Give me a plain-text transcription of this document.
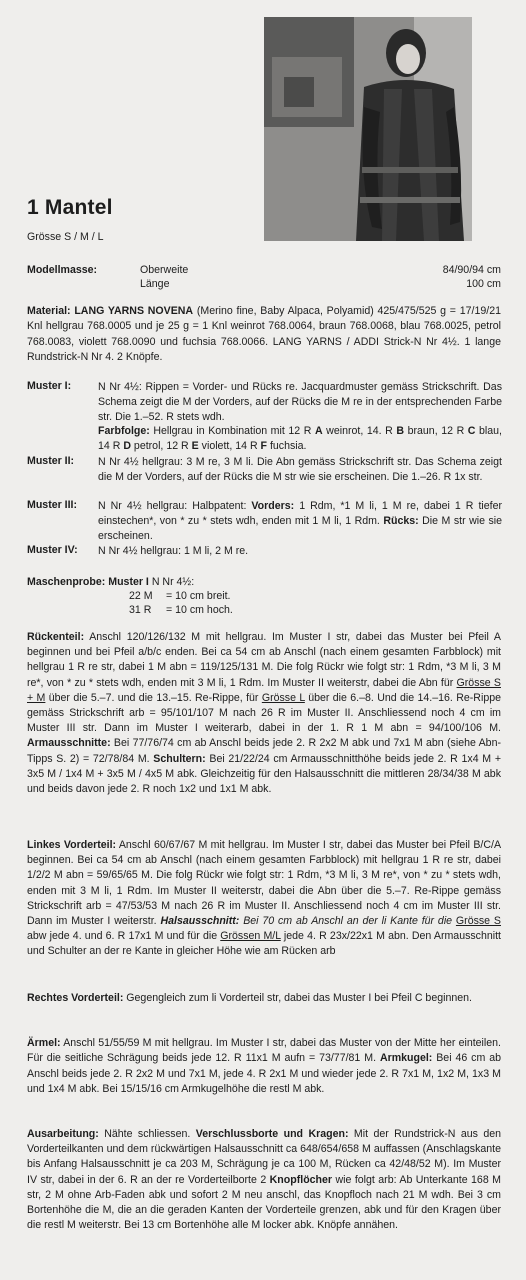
1 Mantel
Grösse S / M / L
Modellmasse:	Oberweite	84/90/94 cm
Länge	100 cm
Material: LANG YARNS NOVENA (Merino fine, Baby Alpaca, Polyamid) 425/475/525 g = 17/19/21 Knl hellgrau 768.0005 und je 25 g = 1 Knl weinrot 768.0064, braun 768.0068, blau 768.0025, petrol 768.0083, violett 768.0090 und fuchsia 768.0066. LANG YARNS / ADDI Strick-N Nr 4½. 1 lange Rundstrick-N Nr 4. 2 Knöpfe.
Muster I:	N Nr 4½: Rippen = Vorder- und Rücks re. Jacquardmuster gemäss Strickschrift. Das Schema zeigt die M der Vorders, auf der Rücks die M re in der entsprechenden Farbe str. Die 1.–52. R stets wdh.

Farbfolge: Hellgrau in Kombination mit 12 R A weinrot, 14. R B braun, 12 R C blau, 14 R D petrol, 12 R E violett, 14 R F fuchsia.

Muster II: N Nr 4½ hellgrau: 3 M re, 3 M li. Die Abn gemäss Strickschrift str. Das Schema zeigt die M der Vorders, auf der Rücks die M str wie sie erscheinen. Die 1.–26. R 1x str.
Muster III: N Nr 4½ hellgrau: Halbpatent: Vorders: 1 Rdm, *1 M li, 1 M re, dabei 1 R tiefer einstechen*, von * zu * stets wdh, enden mit 1 M li, 1 Rdm. Rücks: Die M str wie sie erscheinen.
Muster IV: N Nr 4½ hellgrau: 1 M li, 2 M re.
Maschenprobe: Muster I N Nr 4½:
22 M = 10 cm breit.
31 R = 10 cm hoch.
Rückenteil: Anschl 120/126/132 M mit hellgrau. Im Muster I str, dabei das Muster bei Pfeil A beginnen und bei Pfeil a/b/c enden. Bei ca 54 cm ab Anschl (nach einem gesamten Farbblock) mit hellgrau 1 R re str, dabei 1 M abn = 119/125/131 M. Die folg Rückr wie folgt str: 1 Rdm, *3 M li, 3 M re*, von * zu * stets wdh, enden mit 3 M li, 1 Rdm. Im Muster II weiterstr, dabei die Abn für Grösse S + M über die 5.–7. und die 13.–15. Re-Rippe, für Grösse L über die 6.–8. Und die 14.–16. Re-Rippe gemäss Strickschrift arb = 95/101/107 M nach 26 R im Muster II. Anschliessend noch 4 cm im Muster III str. Dann im Muster I weiterarb, dabei in der 1. R 1 M abn = 94/100/106 M. Armausschnitte: Bei 77/76/74 cm ab Anschl beids jede 2. R 2x2 M abk und 7x1 M abn (siehe Abn-Tipps S. 2) = 72/78/84 M. Schultern: Bei 21/22/24 cm Armausschnitthöhe beids jede 2. R 1x4 M + 3x5 M / 1x4 M + 3x5 M / 4x5 M abk. Gleichzeitig für den Halsausschnitt die mittleren 28/34/38 M abk und beids davon jede 2. R noch 1x2 und 1x1 M abk.
Linkes Vorderteil: Anschl 60/67/67 M mit hellgrau. Im Muster I str, dabei das Muster bei Pfeil B/C/A beginnen. Bei ca 54 cm ab Anschl (nach einem gesamten Farbblock) mit hellgrau 1 R re str, dabei 1/2/2 M abn = 59/65/65 M. Die folg Rückr wie folgt str: 1 Rdm, *3 M li, 3 M re*, von * zu * stets wdh, enden mit 3 M li, 1 Rdm. Im Muster II weiterstr, dabei die Abn über die 5.–7. Re-Rippe gemäss Strickschrift arb = 47/53/53 M nach 26 R im Muster II. Anschliessend noch 4 cm im Muster III str. Dann im Muster I weiterstr. Halsausschnitt: Bei 70 cm ab Anschl an der li Kante für die Grösse S abw jede 4. und 6. R 17x1 M und für die Grössen M/L jede 4. R 23x/22x1 M abn. Den Armausschnitt und Schulter an der re Kante in gleicher Höhe wie am Rücken arb
Rechtes Vorderteil: Gegengleich zum li Vorderteil str, dabei das Muster I bei Pfeil C beginnen.
Ärmel: Anschl 51/55/59 M mit hellgrau. Im Muster I str, dabei das Muster von der Mitte her einteilen. Für die seitliche Schrägung beids jede 12. R 11x1 M aufn = 73/77/81 M. Armkugel: Bei 46 cm ab Anschl beids jede 2. R 2x2 M und 7x1 M, jede 4. R 2x1 M und wieder jede 2. R 7x1 M, 1x2 M, 1x3 M und 1x4 M abk. Bei 15/15/16 cm Armkugelhöhe die restl M abk.
Ausarbeitung: Nähte schliessen. Verschlussborte und Kragen: Mit der Rundstrick-N aus den Vorderteilkanten und dem rückwärtigen Halsausschnitt ca 648/654/658 M auffassen (Anschlagskante bis Anfang Halsausschnitt je ca 203 M, Schrägung je ca 100 M, Rücken ca 42/48/52 M). Im Muster IV str, dabei in der 6. R an der re Vorderteilborte 2 Knopflöcher wie folgt arb: Ab Unterkante 168 M str, 2 M ohne Arb-Faden abk und sofort 2 M neu anschl, das Knopfloch nach 21 M wdh. Bei 3 cm Bortenhöhe die M, die an die geraden Kanten der Vorderteile grenzen, abk und für den Kragen über die restl M weiterstr. Bei 13 cm Bortenhöhe alle M locker abk. Knöpfe annähen.
